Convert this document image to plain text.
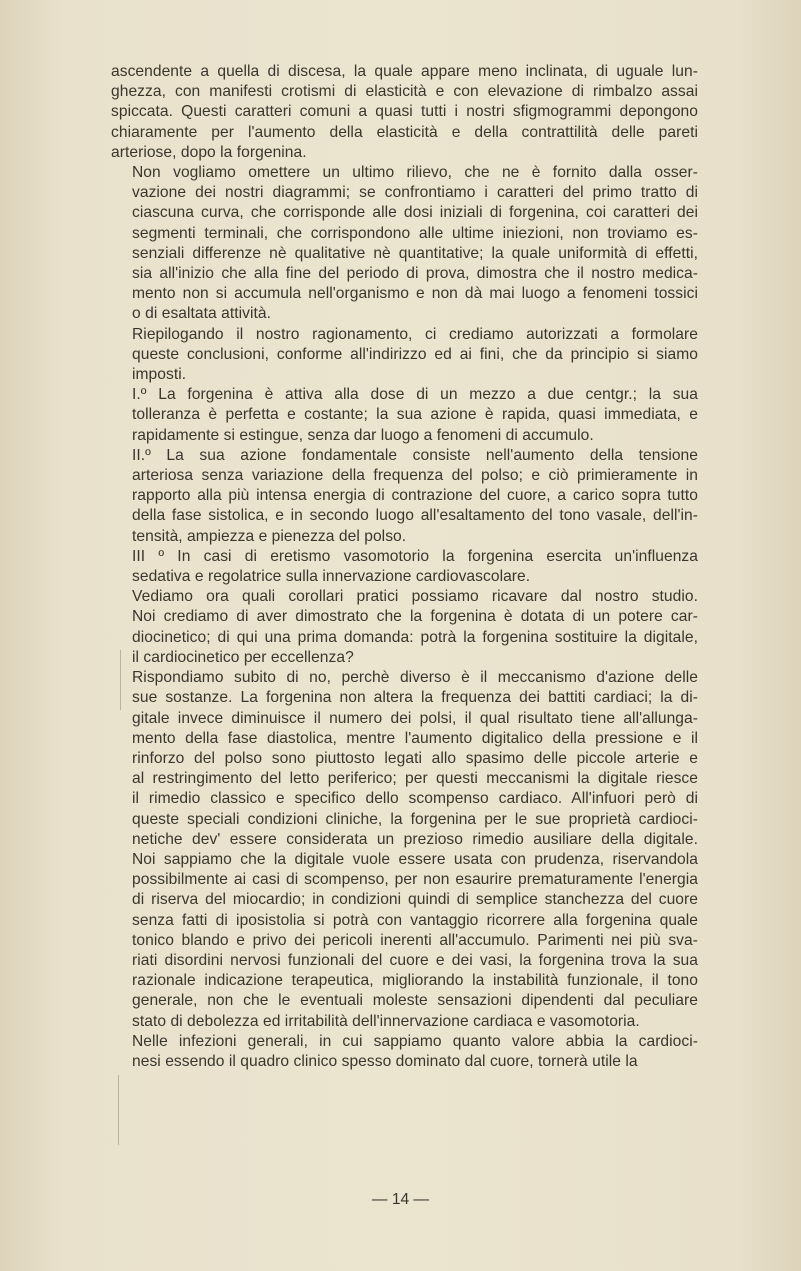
ascendente a quella di discesa, la quale appare meno inclinata, di uguale lun-
ghezza, con manifesti crotismi di elasticità e con elevazione di rimbalzo assai
spiccata. Questi caratteri comuni a quasi tutti i nostri sfigmogrammi depongono
chiaramente per l'aumento della elasticità e della contrattilità delle pareti
arteriose, dopo la forgenina.

Non vogliamo omettere un ultimo rilievo, che ne è fornito dalla osser-
vazione dei nostri diagrammi; se confrontiamo i caratteri del primo tratto di
ciascuna curva, che corrisponde alle dosi iniziali di forgenina, coi caratteri dei
segmenti terminali, che corrispondono alle ultime iniezioni, non troviamo es-
senziali differenze nè qualitative nè quantitative; la quale uniformità di effetti,
sia all'inizio che alla fine del periodo di prova, dimostra che il nostro medica-
mento non si accumula nell'organismo e non dà mai luogo a fenomeni tossici
o di esaltata attività.

Riepilogando il nostro ragionamento, ci crediamo autorizzati a formolare
queste conclusioni, conforme all'indirizzo ed ai fini, che da principio si siamo
imposti.

I.º La forgenina è attiva alla dose di un mezzo a due centgr.; la sua
tolleranza è perfetta e costante; la sua azione è rapida, quasi immediata, e
rapidamente si estingue, senza dar luogo a fenomeni di accumulo.

II.º La sua azione fondamentale consiste nell'aumento della tensione
arteriosa senza variazione della frequenza del polso; e ciò primieramente in
rapporto alla più intensa energia di contrazione del cuore, a carico sopra tutto
della fase sistolica, e in secondo luogo all'esaltamento del tono vasale, dell'in-
tensità, ampiezza e pienezza del polso.

III º In casi di eretismo vasomotorio la forgenina esercita un'influenza
sedativa e regolatrice sulla innervazione cardiovascolare.

Vediamo ora quali corollari pratici possiamo ricavare dal nostro studio.
Noi crediamo di aver dimostrato che la forgenina è dotata di un potere car-
diocinetico; di qui una prima domanda: potrà la forgenina sostituire la digitale,
il cardiocinetico per eccellenza?

Rispondiamo subito di no, perchè diverso è il meccanismo d'azione delle
sue sostanze. La forgenina non altera la frequenza dei battiti cardiaci; la di-
gitale invece diminuisce il numero dei polsi, il qual risultato tiene all'allunga-
mento della fase diastolica, mentre l'aumento digitalico della pressione e il
rinforzo del polso sono piuttosto legati allo spasimo delle piccole arterie e
al restringimento del letto periferico; per questi meccanismi la digitale riesce
il rimedio classico e specifico dello scompenso cardiaco. All'infuori però di
queste speciali condizioni cliniche, la forgenina per le sue proprietà cardioci-
netiche dev' essere considerata un prezioso rimedio ausiliare della digitale.
Noi sappiamo che la digitale vuole essere usata con prudenza, riservandola
possibilmente ai casi di scompenso, per non esaurire prematuramente l'energia
di riserva del miocardio; in condizioni quindi di semplice stanchezza del cuore
senza fatti di iposistolia si potrà con vantaggio ricorrere alla forgenina quale
tonico blando e privo dei pericoli inerenti all'accumulo. Parimenti nei più sva-
riati disordini nervosi funzionali del cuore e dei vasi, la forgenina trova la sua
razionale indicazione terapeutica, migliorando la instabilità funzionale, il tono
generale, non che le eventuali moleste sensazioni dipendenti dal peculiare
stato di debolezza ed irritabilità dell'innervazione cardiaca e vasomotoria.

Nelle infezioni generali, in cui sappiamo quanto valore abbia la cardioci-
nesi essendo il quadro clinico spesso dominato dal cuore, tornerà utile la

— 14 —
